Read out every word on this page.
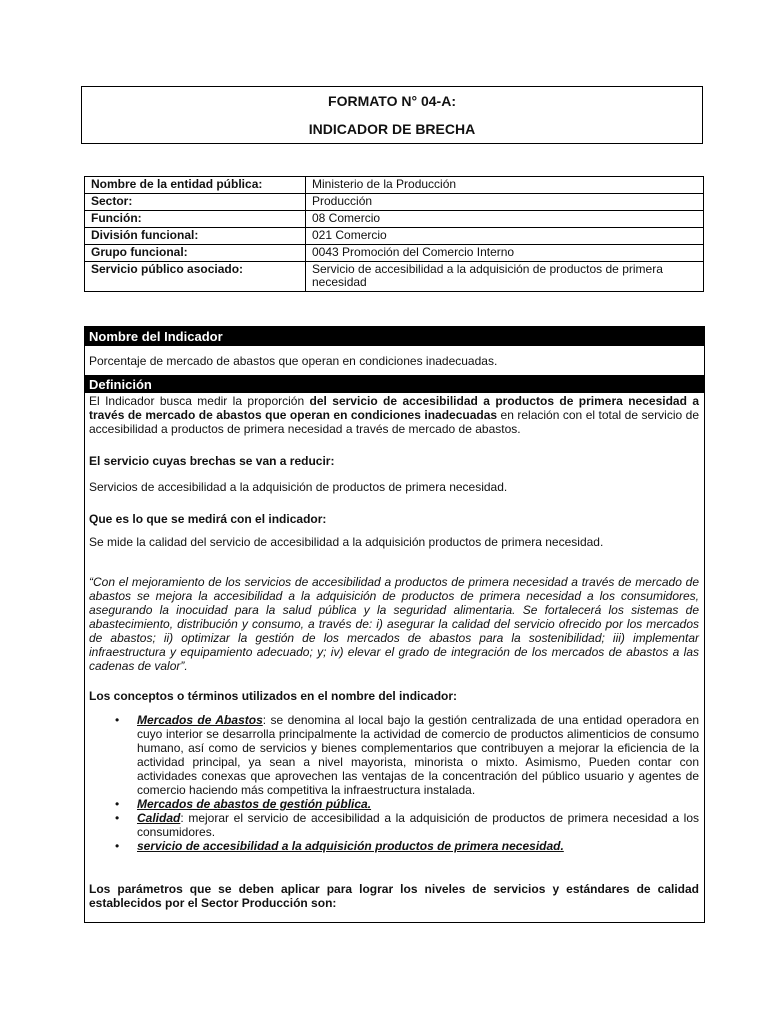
FORMATO N° 04-A:
INDICADOR DE BRECHA
Nombre de la entidad pública:	Ministerio de la Producción
Sector:	Producción
Función:	08 Comercio
División funcional:	021 Comercio
Grupo funcional:	0043 Promoción del Comercio Interno
Servicio público asociado:	Servicio de accesibilidad a la adquisición de productos de primera necesidad
Nombre del Indicador
Porcentaje de mercado de abastos que operan en condiciones inadecuadas.
Definición
El Indicador busca medir la proporción del servicio de accesibilidad a productos de primera necesidad a través de mercado de abastos que operan en condiciones inadecuadas en relación con el total de servicio de accesibilidad a productos de primera necesidad a través de mercado de abastos.
El servicio cuyas brechas se van a reducir:
Servicios de accesibilidad a la adquisición de productos de primera necesidad.
Que es lo que se medirá con el indicador:
Se mide la calidad del servicio de accesibilidad a la adquisición productos de primera necesidad.
“Con el mejoramiento de los servicios de accesibilidad a productos de primera necesidad a través de mercado de abastos se mejora la accesibilidad a la adquisición de productos de primera necesidad a los consumidores, asegurando la inocuidad para la salud pública y la seguridad alimentaria. Se fortalecerá los sistemas de abastecimiento, distribución y consumo, a través de: i) asegurar la calidad del servicio ofrecido por los mercados de abastos; ii) optimizar la gestión de los mercados de abastos para la sostenibilidad; iii) implementar infraestructura y equipamiento adecuado; y; iv) elevar el grado de integración de los mercados de abastos a las cadenas de valor”.
Los conceptos o términos utilizados en el nombre del indicador:
• Mercados de Abastos: se denomina al local bajo la gestión centralizada de una entidad operadora en cuyo interior se desarrolla principalmente la actividad de comercio de productos alimenticios de consumo humano, así como de servicios y bienes complementarios que contribuyen a mejorar la eficiencia de la actividad principal, ya sean a nivel mayorista, minorista o mixto. Asimismo, Pueden contar con actividades conexas que aprovechen las ventajas de la concentración del público usuario y agentes de comercio haciendo más competitiva la infraestructura instalada.
• Mercados de abastos de gestión pública.
• Calidad: mejorar el servicio de accesibilidad a la adquisición de productos de primera necesidad a los consumidores.
• servicio de accesibilidad a la adquisición productos de primera necesidad.
Los parámetros que se deben aplicar para lograr los niveles de servicios y estándares de calidad establecidos por el Sector Producción son:
